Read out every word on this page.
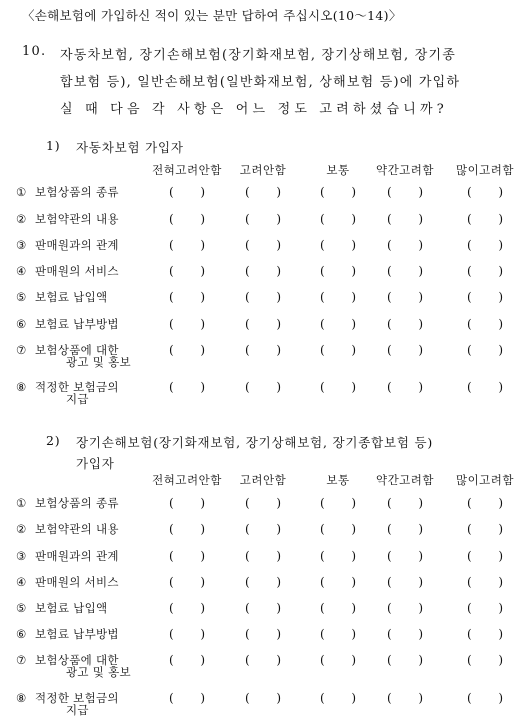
〈손해보험에 가입하신 적이 있는 분만 답하여 주십시오(10～14)〉
10. 자동차보험, 장기손해보험(장기화재보험, 장기상해보험, 장기종
합보험 등), 일반손해보험(일반화재보험, 상해보험 등)에 가입하
실 때 다음 각 사항은 어느 정도 고려하셨습니까?
1) 자동차보험 가입자
전혀고려안함	고려안함	보통	약간고려함	많이고려함
① 보험상품의 종류	( )	( )	( )	( )	( )
② 보험약관의 내용	( )	( )	( )	( )	( )
③ 판매원과의 관계	( )	( )	( )	( )	( )
④ 판매원의 서비스	( )	( )	( )	( )	( )
⑤ 보험료 납입액	( )	( )	( )	( )	( )
⑥ 보험료 납부방법	( )	( )	( )	( )	( )
⑦ 보험상품에 대한
광고 및 홍보
( )	( )	( )	( )	( )
⑧ 적정한 보험금의
지급
( )	( )	( )	( )	( )
2) 장기손해보험(장기화재보험, 장기상해보험, 장기종합보험 등)
가입자
전혀고려안함	고려안함	보통	약간고려함	많이고려함
① 보험상품의 종류	( )	( )	( )	( )	( )
② 보험약관의 내용	( )	( )	( )	( )	( )
③ 판매원과의 관계	( )	( )	( )	( )	( )
④ 판매원의 서비스	( )	( )	( )	( )	( )
⑤ 보험료 납입액	( )	( )	( )	( )	( )
⑥ 보험료 납부방법	( )	( )	( )	( )	( )
⑦ 보험상품에 대한
광고 및 홍보
( )	( )	( )	( )	( )
⑧ 적정한 보험금의
지급
( )	( )	( )	( )	( )
